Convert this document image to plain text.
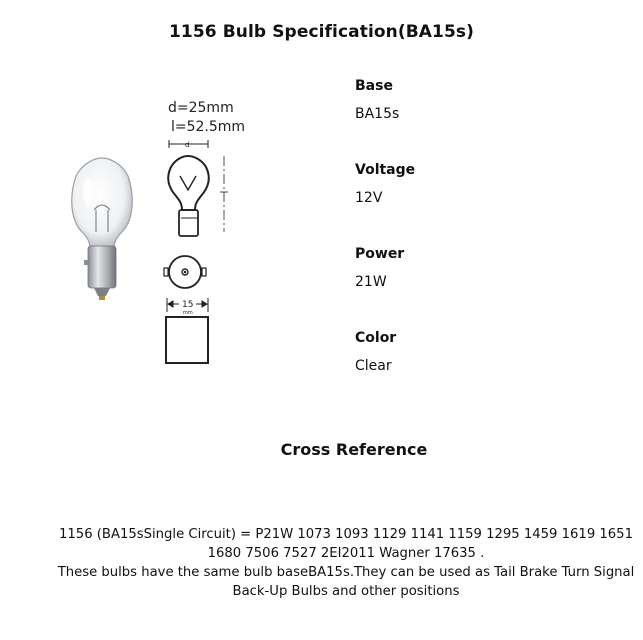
1156 Bulb Specification(BA15s)
d=25mm
l=52.5mm
d
15
mm
Base
BA15s
Voltage
12V
Power
21W
Color
Clear
Cross Reference
1156 (BA15sSingle Circuit) = P21W 1073 1093 1129 1141 1159 1295 1459 1619 1651 1680 7506 7527 2EI2011 Wagner 17635 .
These bulbs have the same bulb baseBA15s.They can be used as Tail Brake Turn Signal Back-Up Bulbs and other positions
